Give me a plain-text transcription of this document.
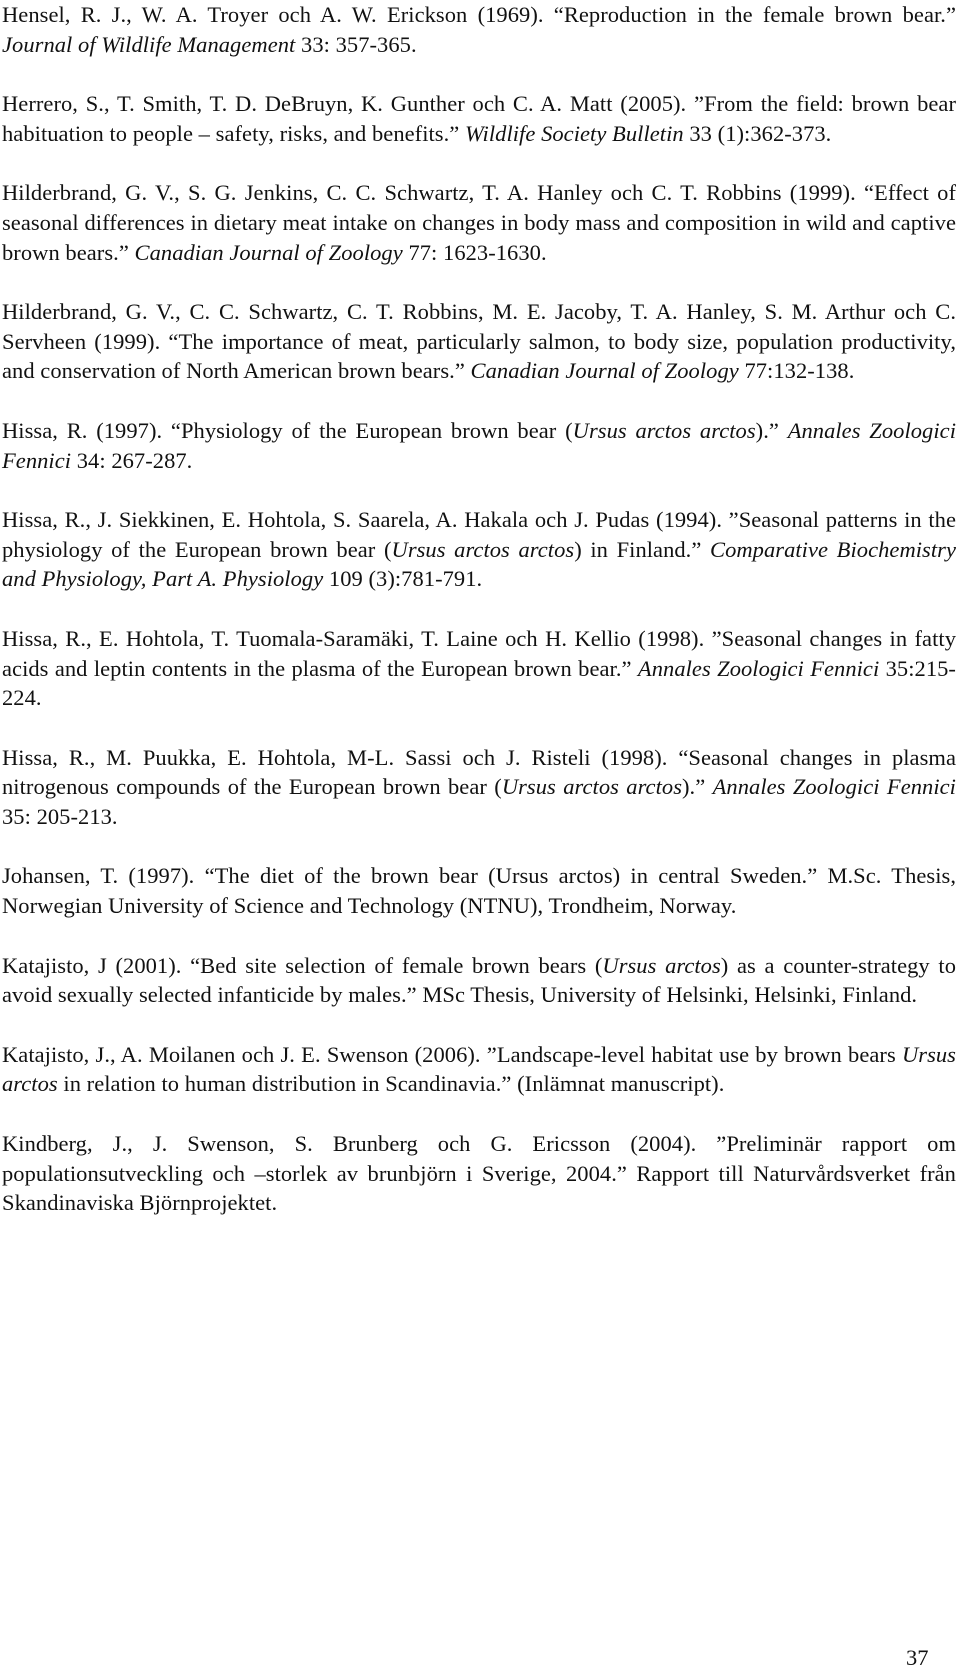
Hensel, R. J., W. A. Troyer och A. W. Erickson (1969). “Reproduction in the female brown bear.” Journal of Wildlife Management 33: 357-365.

Herrero, S., T. Smith, T. D. DeBruyn, K. Gunther och C. A. Matt (2005). ”From the field: brown bear habituation to people – safety, risks, and benefits.” Wildlife Society Bulletin 33 (1):362-373.

Hilderbrand, G. V., S. G. Jenkins, C. C. Schwartz, T. A. Hanley och C. T. Robbins (1999). “Effect of seasonal differences in dietary meat intake on changes in body mass and composition in wild and captive brown bears.” Canadian Journal of Zoology 77: 1623-1630.

Hilderbrand, G. V., C. C. Schwartz, C. T. Robbins, M. E. Jacoby, T. A. Hanley, S. M. Arthur och C. Servheen (1999). “The importance of meat, particularly salmon, to body size, population productivity, and conservation of North American brown bears.” Canadian Journal of Zoology 77:132-138.

Hissa, R. (1997). “Physiology of the European brown bear (Ursus arctos arctos).” Annales Zoologici Fennici 34: 267-287.

Hissa, R., J. Siekkinen, E. Hohtola, S. Saarela, A. Hakala och J. Pudas (1994). ”Seasonal patterns in the physiology of the European brown bear (Ursus arctos arctos) in Finland.” Comparative Biochemistry and Physiology, Part A. Physiology 109 (3):781-791.

Hissa, R., E. Hohtola, T. Tuomala-Saramäki, T. Laine och H. Kellio (1998). ”Seasonal changes in fatty acids and leptin contents in the plasma of the European brown bear.” Annales Zoologici Fennici 35:215-224.

Hissa, R., M. Puukka, E. Hohtola, M-L. Sassi och J. Risteli (1998). “Seasonal changes in plasma nitrogenous compounds of the European brown bear (Ursus arctos arctos).” Annales Zoologici Fennici 35: 205-213.

Johansen, T. (1997). “The diet of the brown bear (Ursus arctos) in central Sweden.” M.Sc. Thesis, Norwegian University of Science and Technology (NTNU), Trondheim, Norway.

Katajisto, J (2001). “Bed site selection of female brown bears (Ursus arctos) as a counter-strategy to avoid sexually selected infanticide by males.” MSc Thesis, University of Helsinki, Helsinki, Finland.

Katajisto, J., A. Moilanen och J. E. Swenson (2006). ”Landscape-level habitat use by brown bears Ursus arctos in relation to human distribution in Scandinavia.” (Inlämnat manuscript).

Kindberg, J., J. Swenson, S. Brunberg och G. Ericsson (2004). ”Preliminär rapport om populationsutveckling och –storlek av brunbjörn i Sverige, 2004.” Rapport till Naturvårdsverket från Skandinaviska Björnprojektet.

37
